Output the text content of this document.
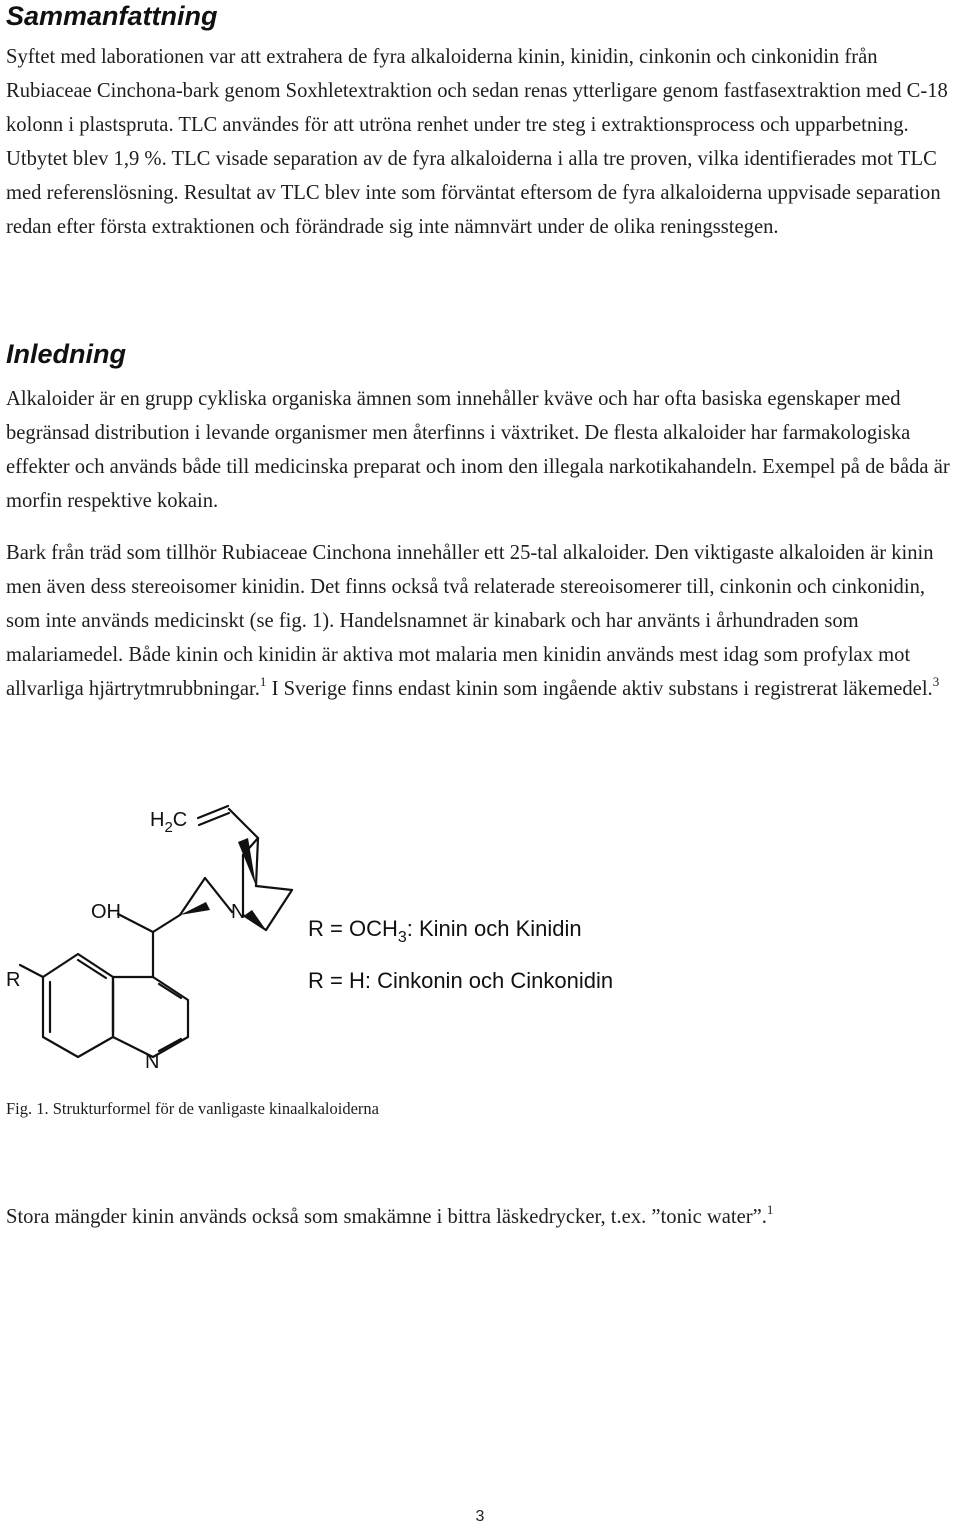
Sammanfattning

Syftet med laborationen var att extrahera de fyra alkaloiderna kinin, kinidin, cinkonin och cinkonidin från Rubiaceae Cinchona-bark genom Soxhletextraktion och sedan renas ytterligare genom fastfasextraktion med C-18 kolonn i plastspruta. TLC användes för att utröna renhet under tre steg i extraktionsprocess och upparbetning. Utbytet blev 1,9 %. TLC visade separation av de fyra alkaloiderna i alla tre proven, vilka identifierades mot TLC med referenslösning. Resultat av TLC blev inte som förväntat eftersom de fyra alkaloiderna uppvisade separation redan efter första extraktionen och förändrade sig inte nämnvärt under de olika reningsstegen.

Inledning

Alkaloider är en grupp cykliska organiska ämnen som innehåller kväve och har ofta basiska egenskaper med begränsad distribution i levande organismer men återfinns i växtriket. De flesta alkaloider har farmakologiska effekter och används både till medicinska preparat och inom den illegala narkotikahandeln. Exempel på de båda är morfin respektive kokain.

Bark från träd som tillhör Rubiaceae Cinchona innehåller ett 25-tal alkaloider. Den viktigaste alkaloiden är kinin men även dess stereoisomer kinidin. Det finns också två relaterade stereoisomerer till, cinkonin och cinkonidin, som inte används medicinskt (se fig. 1). Handelsnamnet är kinabark och har använts i århundraden som malariamedel. Både kinin och kinidin är aktiva mot malaria men kinidin används mest idag som profylax mot allvarliga hjärtrytmrubbningar.$^1$ I Sverige finns endast kinin som ingående aktiv substans i registrerat läkemedel.$^3$

$H_2C$
OH	N
N
R
$R = OCH_3$: Kinin och Kinidin
R = H: Cinkonin och Cinkonidin

Fig. 1. Strukturformel för de vanligaste kinaalkaloiderna

Stora mängder kinin används också som smakämne i bittra läskedrycker, t.ex. ”tonic water”.$^1$

3
